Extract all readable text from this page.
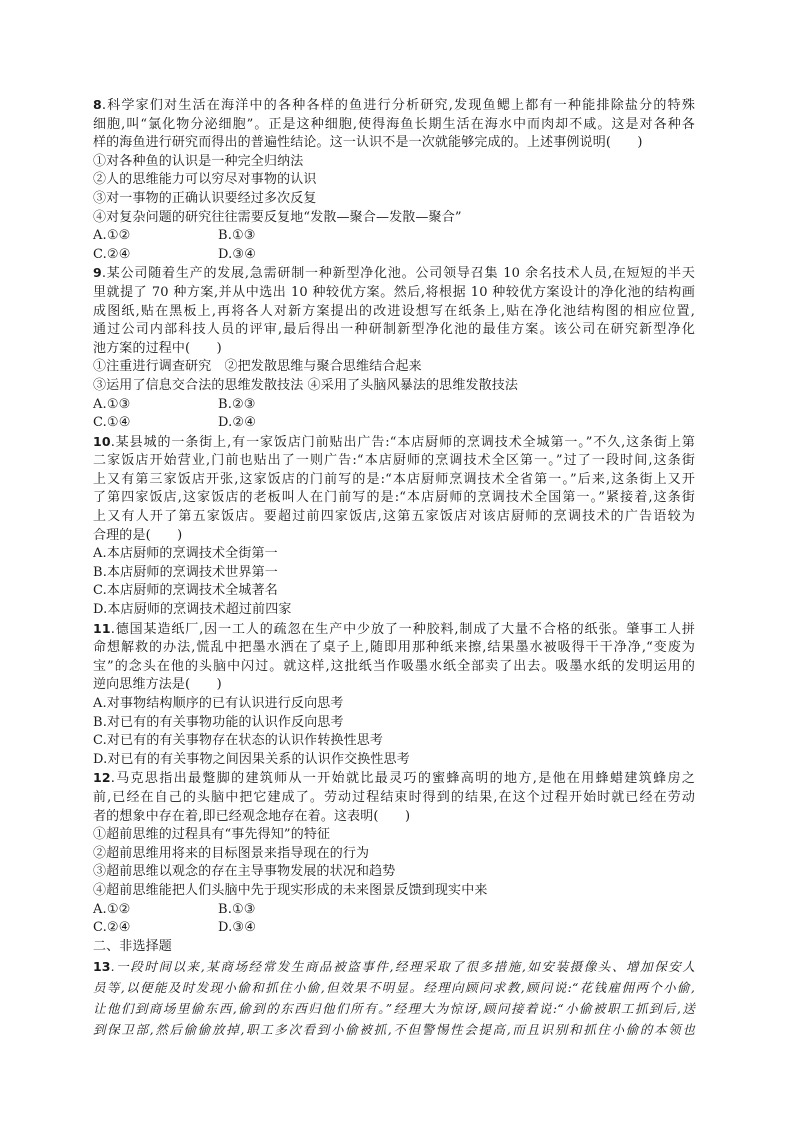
8.科学家们对生活在海洋中的各种各样的鱼进行分析研究,发现鱼鳃上都有一种能排除盐分的特殊
细胞,叫“氯化物分泌细胞”。正是这种细胞,使得海鱼长期生活在海水中而肉却不咸。这是对各种各
样的海鱼进行研究而得出的普遍性结论。这一认识不是一次就能够完成的。上述事例说明(　　)
①对各种鱼的认识是一种完全归纳法
②人的思维能力可以穷尽对事物的认识
③对一事物的正确认识要经过多次反复
④对复杂问题的研究往往需要反复地“发散—聚合—发散—聚合”
A.①②	B.①③
C.②④	D.③④
9.某公司随着生产的发展,急需研制一种新型净化池。公司领导召集 10 余名技术人员,在短短的半天
里就提了 70 种方案,并从中选出 10 种较优方案。然后,将根据 10 种较优方案设计的净化池的结构画
成图纸,贴在黑板上,再将各人对新方案提出的改进设想写在纸条上,贴在净化池结构图的相应位置,
通过公司内部科技人员的评审,最后得出一种研制新型净化池的最佳方案。该公司在研究新型净化
池方案的过程中(　　)
①注重进行调查研究　②把发散思维与聚合思维结合起来
③运用了信息交合法的思维发散技法 ④采用了头脑风暴法的思维发散技法
A.①③	B.②③
C.①④	D.②④
10.某县城的一条街上,有一家饭店门前贴出广告:“本店厨师的烹调技术全城第一。”不久,这条街上第
二家饭店开始营业,门前也贴出了一则广告:“本店厨师的烹调技术全区第一。”过了一段时间,这条街
上又有第三家饭店开张,这家饭店的门前写的是:“本店厨师烹调技术全省第一。”后来,这条街上又开
了第四家饭店,这家饭店的老板叫人在门前写的是:“本店厨师的烹调技术全国第一。”紧接着,这条街
上又有人开了第五家饭店。要超过前四家饭店,这第五家饭店对该店厨师的烹调技术的广告语较为
合理的是(　　)
A.本店厨师的烹调技术全街第一
B.本店厨师的烹调技术世界第一
C.本店厨师的烹调技术全城著名
D.本店厨师的烹调技术超过前四家
11.德国某造纸厂,因一工人的疏忽在生产中少放了一种胶料,制成了大量不合格的纸张。肇事工人拼
命想解救的办法,慌乱中把墨水洒在了桌子上,随即用那种纸来擦,结果墨水被吸得干干净净,“变废为
宝”的念头在他的头脑中闪过。就这样,这批纸当作吸墨水纸全部卖了出去。吸墨水纸的发明运用的
逆向思维方法是(　　)
A.对事物结构顺序的已有认识进行反向思考
B.对已有的有关事物功能的认识作反向思考
C.对已有的有关事物存在状态的认识作转换性思考
D.对已有的有关事物之间因果关系的认识作交换性思考
12.马克思指出最蹩脚的建筑师从一开始就比最灵巧的蜜蜂高明的地方,是他在用蜂蜡建筑蜂房之
前,已经在自己的头脑中把它建成了。劳动过程结束时得到的结果,在这个过程开始时就已经在劳动
者的想象中存在着,即已经观念地存在着。这表明(　　)
①超前思维的过程具有“事先得知”的特征
②超前思维用将来的目标图景来指导现在的行为
③超前思维以观念的存在主导事物发展的状况和趋势
④超前思维能把人们头脑中先于现实形成的未来图景反馈到现实中来
A.①②	B.①③
C.②④	D.③④
二、非选择题
13.一段时间以来,某商场经常发生商品被盗事件,经理采取了很多措施,如安装摄像头、增加保安人
员等,以便能及时发现小偷和抓住小偷,但效果不明显。经理向顾问求教,顾问说:“花钱雇佣两个小偷,
让他们到商场里偷东西,偷到的东西归他们所有。”经理大为惊讶,顾问接着说:“小偷被职工抓到后,送
到保卫部,然后偷偷放掉,职工多次看到小偷被抓,不但警惕性会提高,而且识别和抓住小偷的本领也
